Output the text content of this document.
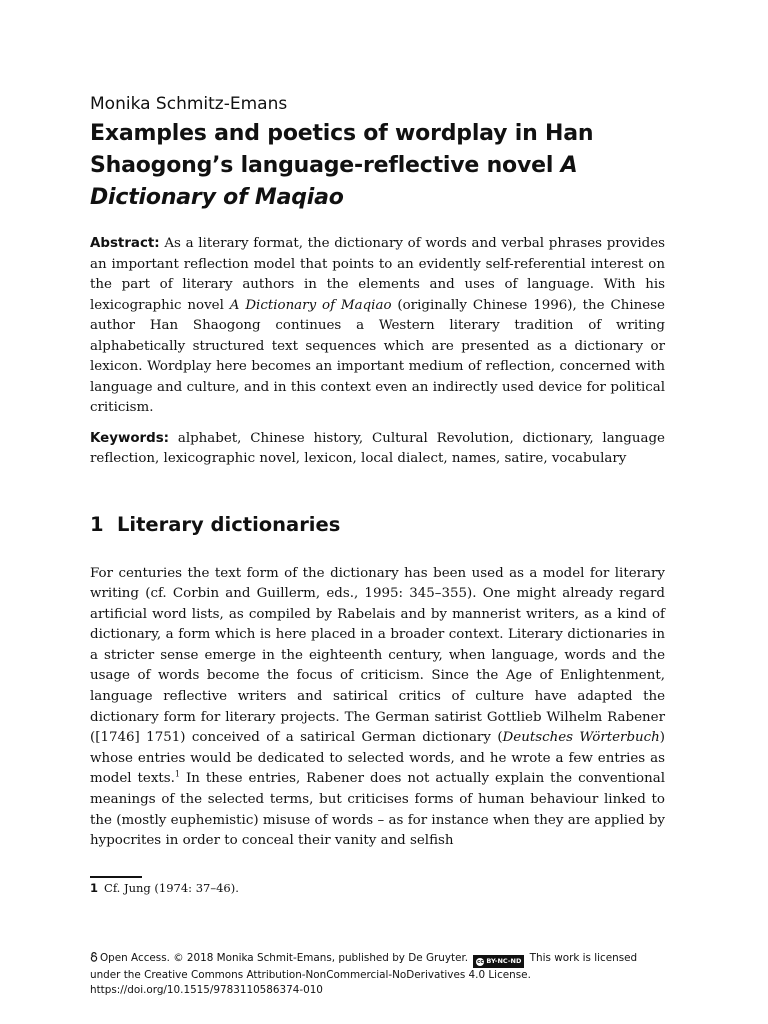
Monika Schmitz-Emans
Examples and poetics of wordplay in Han Shaogong’s language-reflective novel A Dictionary of Maqiao

Abstract: As a literary format, the dictionary of words and verbal phrases provides an important reflection model that points to an evidently self-referential interest on the part of literary authors in the elements and uses of language. With his lexicographic novel A Dictionary of Maqiao (originally Chinese 1996), the Chinese author Han Shaogong continues a Western literary tradition of writing alphabetically structured text sequences which are presented as a dictionary or lexicon. Wordplay here becomes an important medium of reflection, concerned with language and culture, and in this context even an indirectly used device for political criticism.

Keywords: alphabet, Chinese history, Cultural Revolution, dictionary, language reflection, lexicographic novel, lexicon, local dialect, names, satire, vocabulary

1 Literary dictionaries

For centuries the text form of the dictionary has been used as a model for literary writing (cf. Corbin and Guillerm, eds., 1995: 345–355). One might already regard artificial word lists, as compiled by Rabelais and by mannerist writers, as a kind of dictionary, a form which is here placed in a broader context. Literary dictionaries in a stricter sense emerge in the eighteenth century, when language, words and the usage of words become the focus of criticism. Since the Age of Enlightenment, language reflective writers and satirical critics of culture have adapted the dictionary form for literary projects. The German satirist Gottlieb Wilhelm Rabener ([1746] 1751) conceived of a satirical German dictionary (Deutsches Wörterbuch) whose entries would be dedicated to selected words, and he wrote a few entries as model texts.$^1$ In these entries, Rabener does not actually explain the conventional meanings of the selected terms, but criticises forms of human behaviour linked to the (mostly euphemistic) misuse of words – as for instance when they are applied by hypocrites in order to conceal their vanity and selfish

1 Cf. Jung (1974: 37–46).
Open Access. © 2018 Monika Schmit-Emans, published by De Gruyter. cc BY-NC-ND This work is licensed
under the Creative Commons Attribution-NonCommercial-NoDerivatives 4.0 License.
https://doi.org/10.1515/9783110586374-010
